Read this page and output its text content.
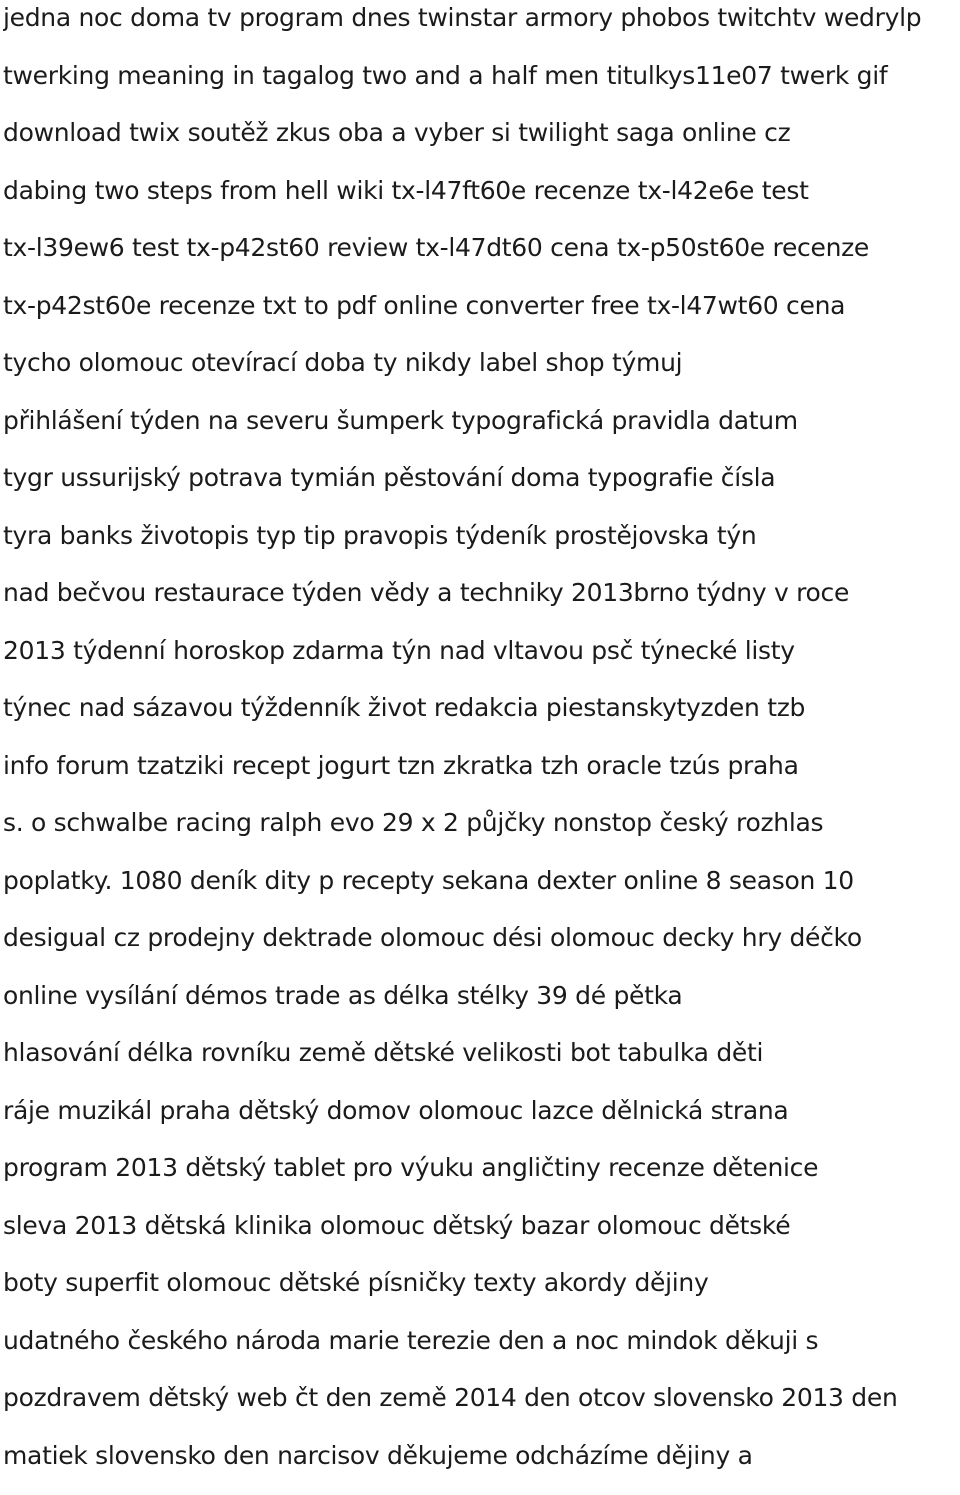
jedna noc doma tv program dnes twinstar armory phobos twitchtv wedrylp
twerking meaning in tagalog two and a half men titulkys11e07 twerk gif
download twix soutěž zkus oba a vyber si twilight saga online cz
dabing two steps from hell wiki tx-l47ft60e recenze tx-l42e6e test
tx-l39ew6 test tx-p42st60 review tx-l47dt60 cena tx-p50st60e recenze
tx-p42st60e recenze txt to pdf online converter free tx-l47wt60 cena
tycho olomouc otevírací doba ty nikdy label shop týmuj
přihlášení týden na severu šumperk typografická pravidla datum
tygr ussurijský potrava tymián pěstování doma typografie čísla
tyra banks životopis typ tip pravopis týdeník prostějovska týn
nad bečvou restaurace týden vědy a techniky 2013brno týdny v roce
2013 týdenní horoskop zdarma týn nad vltavou psč týnecké listy
týnec nad sázavou týždenník život redakcia piestanskytyzden tzb
info forum tzatziki recept jogurt tzn zkratka tzh oracle tzús praha
s. o schwalbe racing ralph evo 29 x 2 půjčky nonstop český rozhlas
poplatky. 1080 deník dity p recepty sekana dexter online 8 season 10
desigual cz prodejny dektrade olomouc dési olomouc decky hry déčko
online vysílání démos trade as délka stélky 39 dé pětka
hlasování délka rovníku země dětské velikosti bot tabulka děti
ráje muzikál praha dětský domov olomouc lazce dělnická strana
program 2013 dětský tablet pro výuku angličtiny recenze dětenice
sleva 2013 dětská klinika olomouc dětský bazar olomouc dětské
boty superfit olomouc dětské písničky texty akordy dějiny
udatného českého národa marie terezie den a noc mindok děkuji s
pozdravem dětský web čt den země 2014 den otcov slovensko 2013 den
matiek slovensko den narcisov děkujeme odcházíme dějiny a
